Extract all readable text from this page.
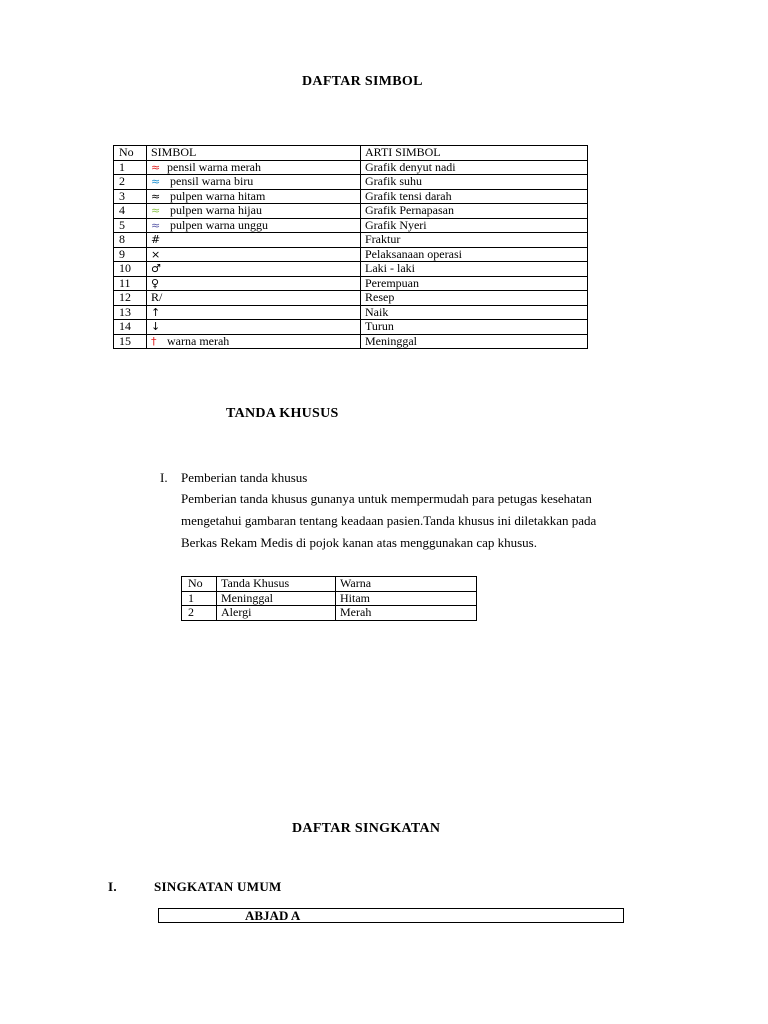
DAFTAR SIMBOL
No	SIMBOL	ARTI SIMBOL
1	≈ pensil warna merah	Grafik denyut nadi
2	≈ pensil warna biru	Grafik suhu
3	≈ pulpen warna hitam	Grafik tensi darah
4	≈ pulpen warna hijau	Grafik Pernapasan
5	≈ pulpen warna unggu	Grafik Nyeri
8	#	Fraktur
9	×	Pelaksanaan operasi
10	♂	Laki - laki
11	♀	Perempuan
12	R/	Resep
13	↑	Naik
14	↓	Turun
15	† warna merah	Meninggal
TANDA KHUSUS
I. Pemberian tanda khusus
Pemberian tanda khusus gunanya untuk mempermudah para petugas kesehatan
mengetahui gambaran tentang keadaan pasien.Tanda khusus ini diletakkan pada
Berkas Rekam Medis di pojok kanan atas menggunakan cap khusus.
No	Tanda Khusus	Warna
1	Meninggal	Hitam
2	Alergi	Merah
DAFTAR SINGKATAN
I.	SINGKATAN UMUM
ABJAD A
